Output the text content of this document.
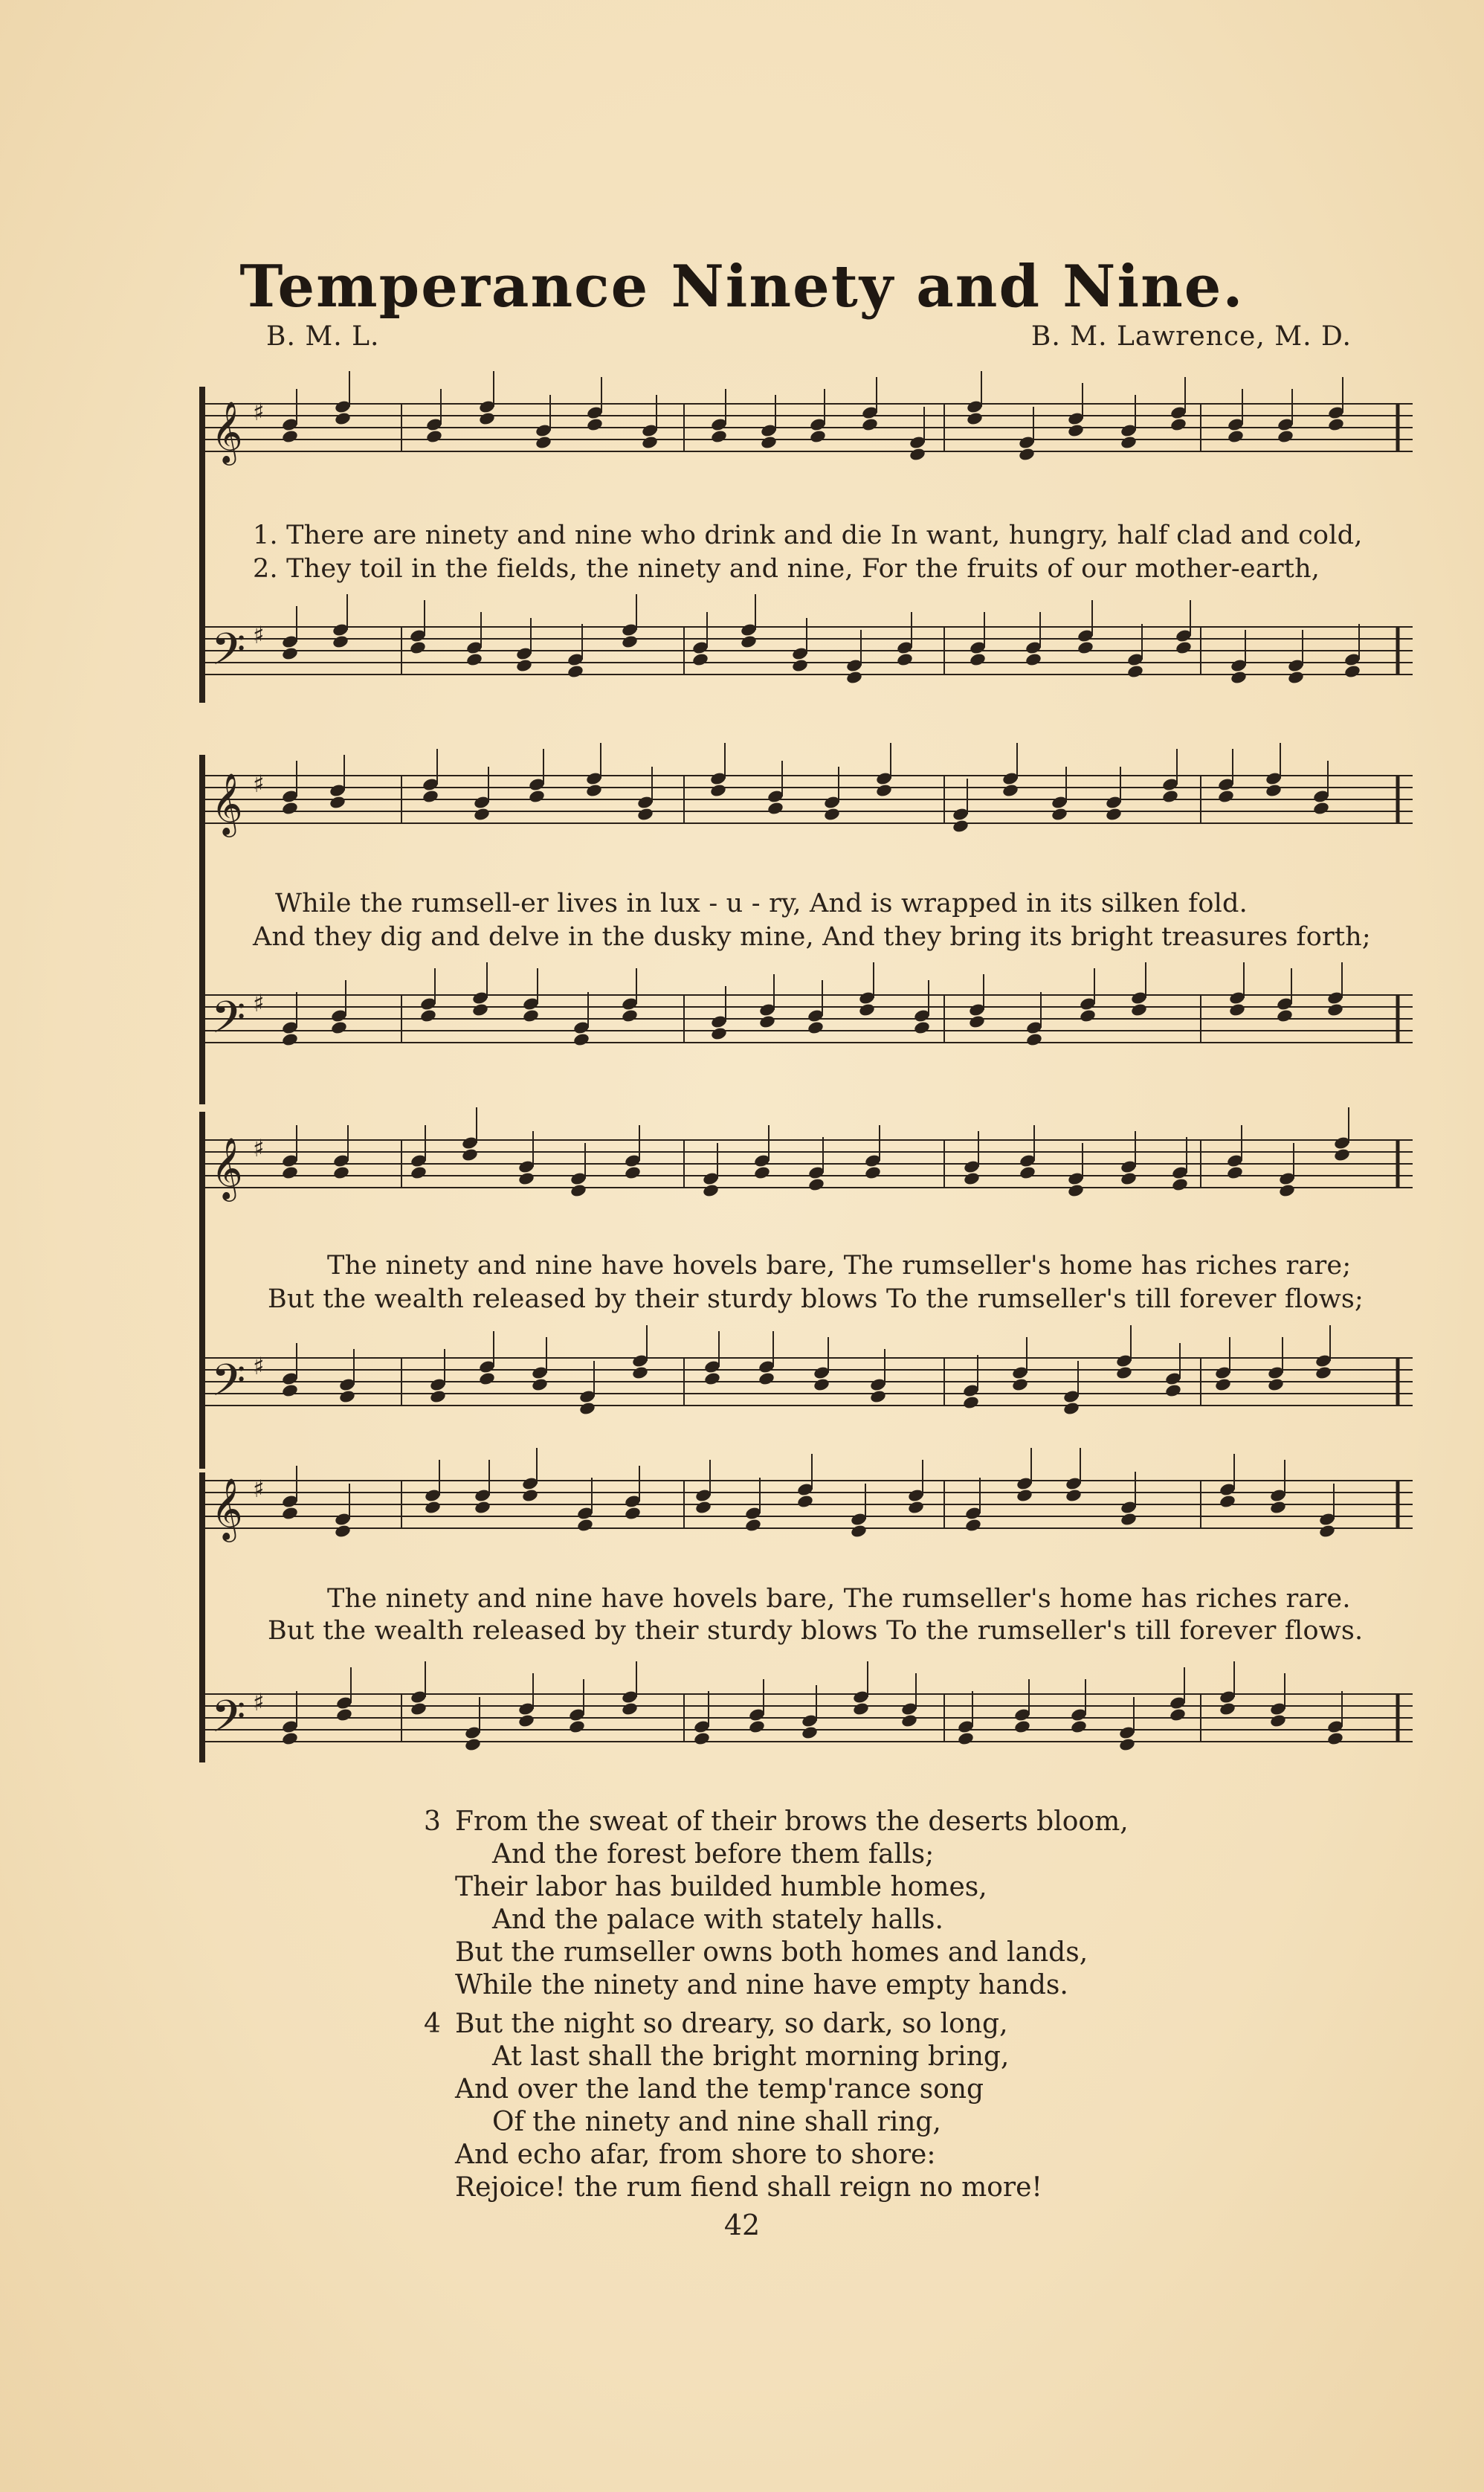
Temperance Ninety and Nine.
B. M. L.	B. M. Lawrence, M. D.
𝄞 ♯
1. There are ninety and nine who drink and die In want, hungry, half clad and cold,
2. They toil in the fields, the ninety and nine, For the fruits of our mother-earth,
𝄢 ♯
𝄞 ♯
While the rumsell-er lives in lux - u - ry, And is wrapped in its silken fold.
And they dig and delve in the dusky mine, And they bring its bright treasures forth;
𝄢 ♯
𝄞 ♯
The ninety and nine have hovels bare, The rumseller's home has riches rare;
But the wealth released by their sturdy blows To the rumseller's till forever flows;
𝄢 ♯
𝄞 ♯
The ninety and nine have hovels bare, The rumseller's home has riches rare.
But the wealth released by their sturdy blows To the rumseller's till forever flows.
𝄢 ♯
3 From the sweat of their brows the deserts bloom,
And the forest before them falls;
Their labor has builded humble homes,
And the palace with stately halls.
But the rumseller owns both homes and lands,
While the ninety and nine have empty hands.
4 But the night so dreary, so dark, so long,
At last shall the bright morning bring,
And over the land the temp'rance song
Of the ninety and nine shall ring,
And echo afar, from shore to shore:
Rejoice! the rum fiend shall reign no more!
42
